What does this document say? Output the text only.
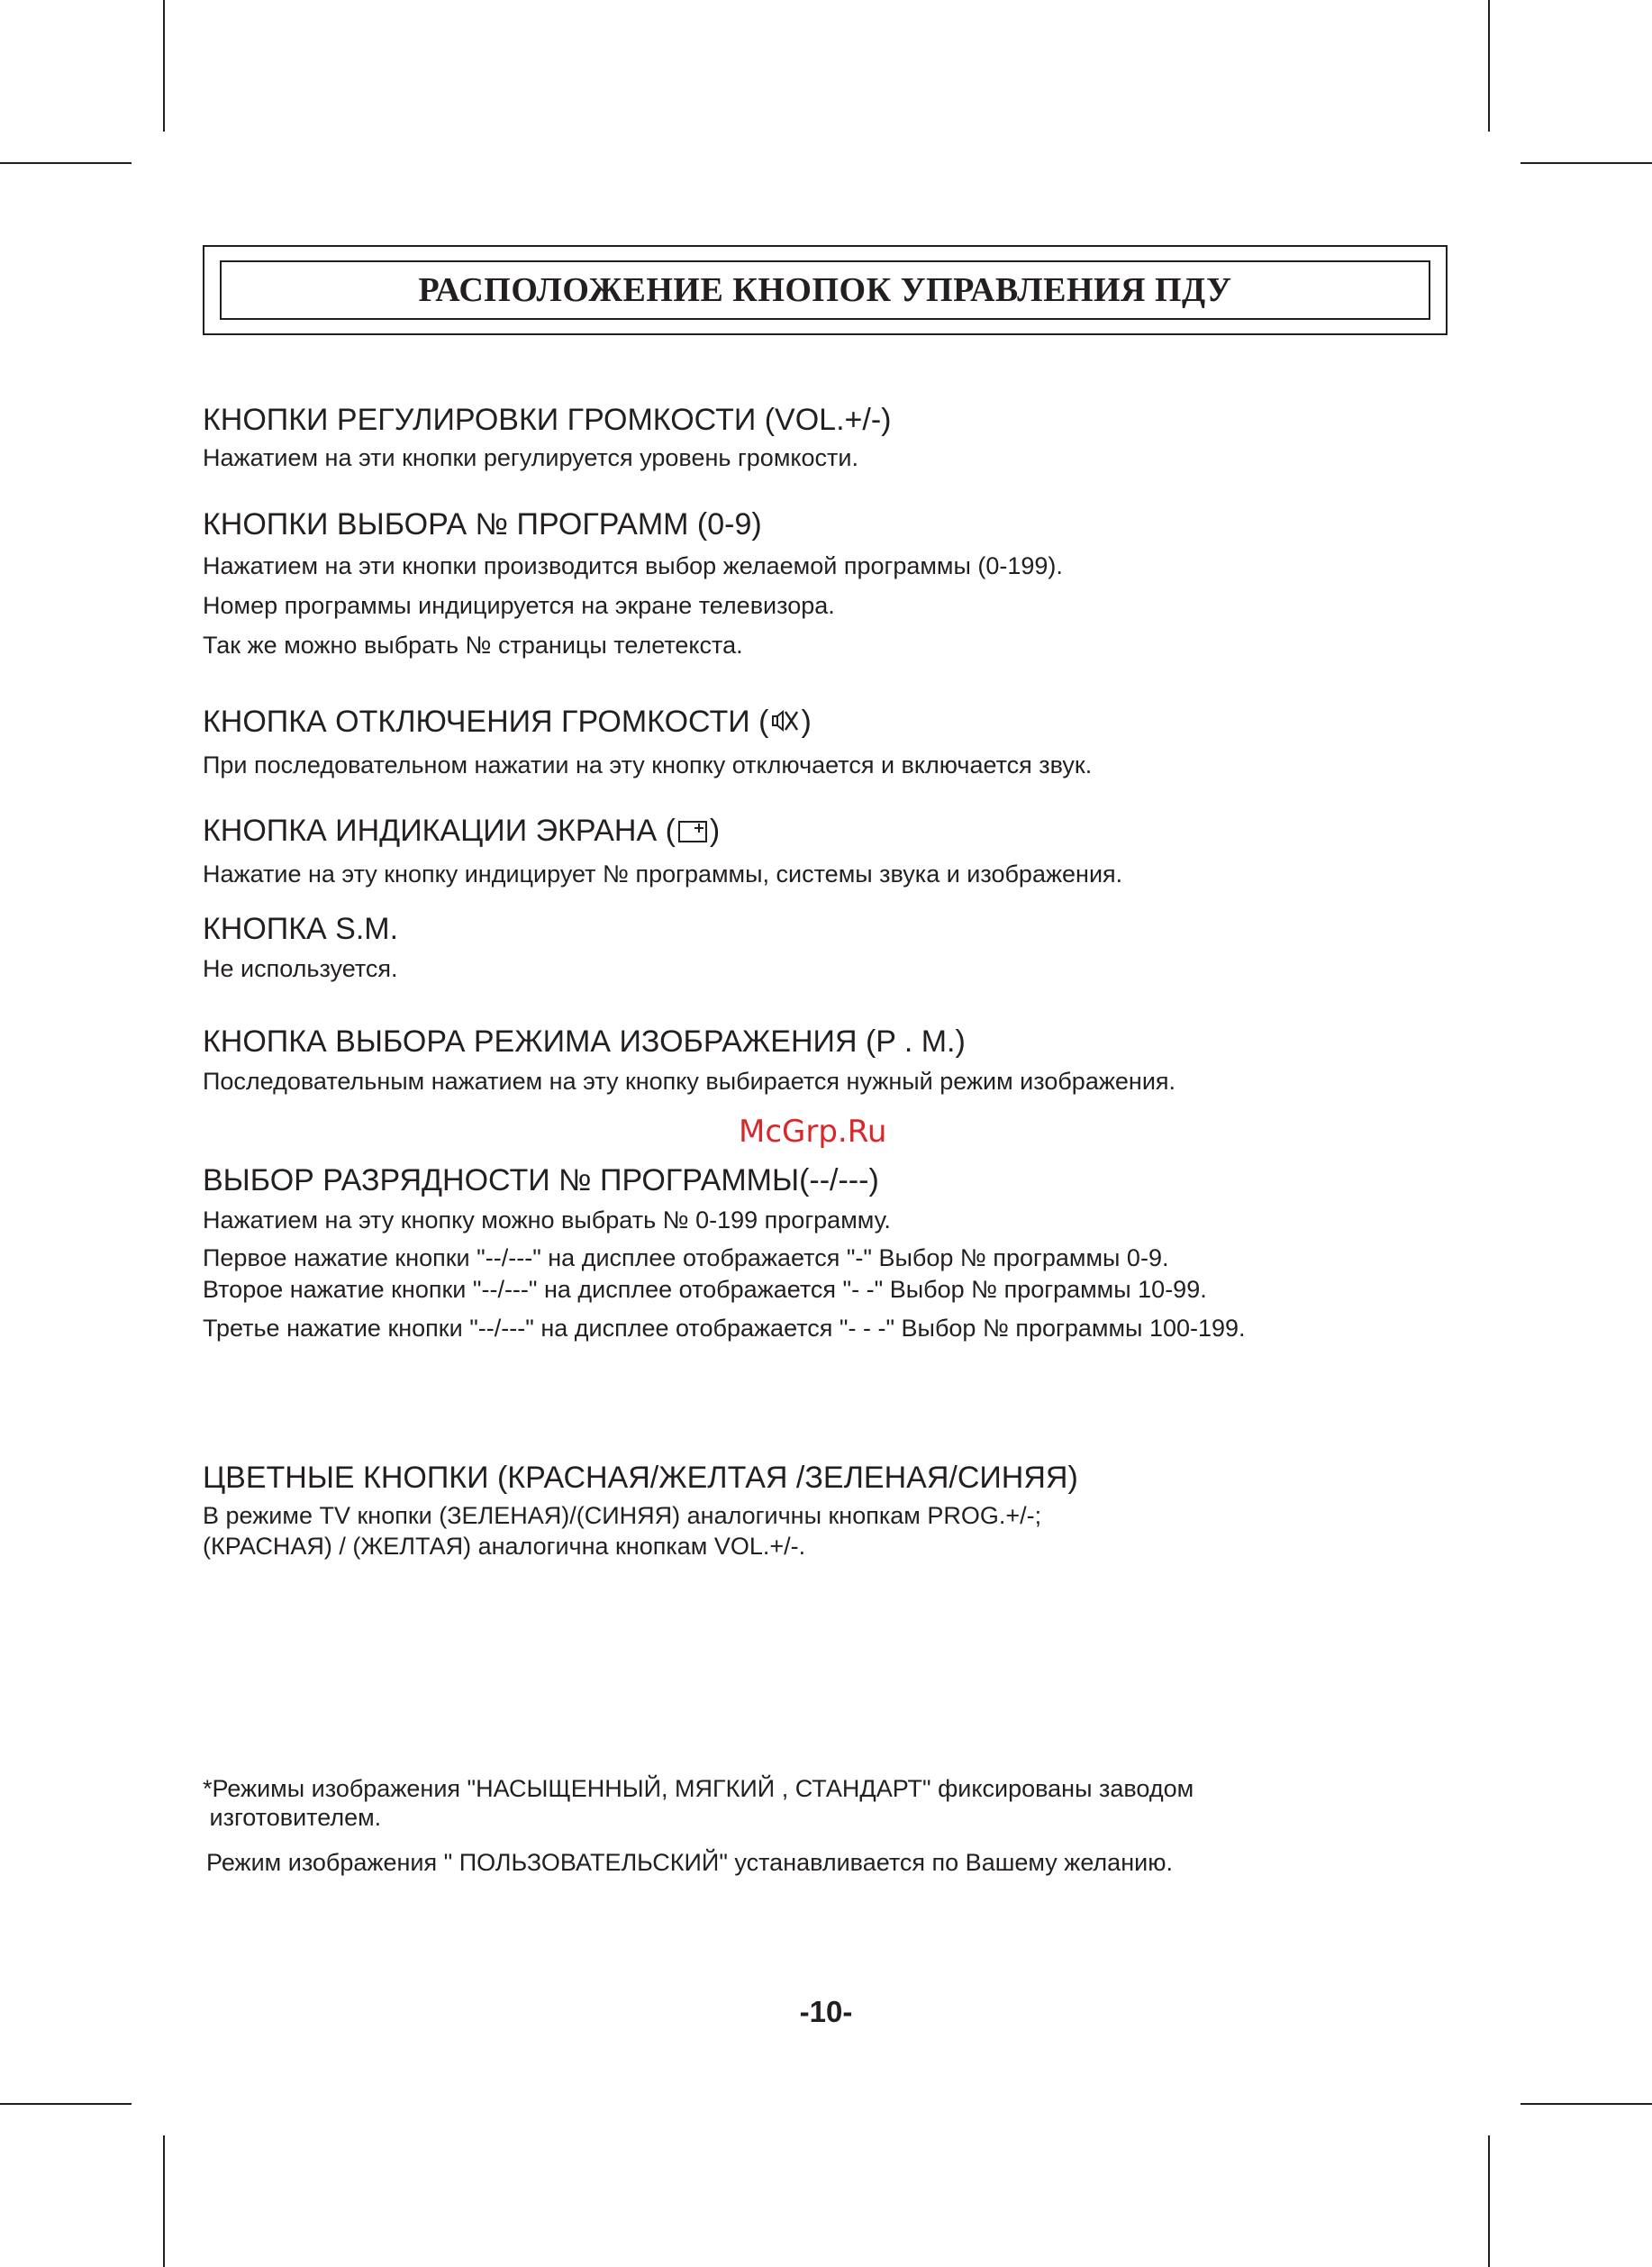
РАСПОЛОЖЕНИЕ КНОПОК УПРАВЛЕНИЯ ПДУ
КНОПКИ РЕГУЛИРОВКИ ГРОМКОСТИ (VOL.+/-)
Нажатием на эти кнопки регулируется уровень громкости.
КНОПКИ ВЫБОРА № ПРОГРАММ (0-9)
Нажатием на эти кнопки производится выбор желаемой программы (0-199).
Номер программы индицируется на экране телевизора.
Так же можно выбрать № страницы телетекста.
КНОПКА ОТКЛЮЧЕНИЯ ГРОМКОСТИ ( )
При последовательном нажатии на эту кнопку отключается и включается звук.
КНОПКА ИНДИКАЦИИ ЭКРАНА ( )
Нажатие на эту кнопку индицирует № программы, системы звука и изображения.
КНОПКА S.M.
Не используется.
КНОПКА ВЫБОРА РЕЖИМА ИЗОБРАЖЕНИЯ (P . M.)
Последовательным нажатием на эту кнопку выбирается нужный режим изображения.
McGrp.Ru
ВЫБОР РАЗРЯДНОСТИ № ПРОГРАММЫ(--/---)
Нажатием на эту кнопку можно выбрать № 0-199 программу.
Первое нажатие кнопки "--/---" на дисплее отображается "-" Выбор № программы 0-9.
Второе нажатие кнопки "--/---" на дисплее отображается "- -" Выбор № программы 10-99.
Третье нажатие кнопки "--/---" на дисплее отображается "- - -" Выбор № программы 100-199.
ЦВЕТНЫЕ КНОПКИ (КРАСНАЯ/ЖЕЛТАЯ /ЗЕЛЕНАЯ/СИНЯЯ)
В режиме TV кнопки (ЗЕЛЕНАЯ)/(СИНЯЯ) аналогичны кнопкам PROG.+/-;
(КРАСНАЯ) / (ЖЕЛТАЯ) аналогична кнопкам VOL.+/-.
*Режимы изображения "НАСЫЩЕННЫЙ, МЯГКИЙ , СТАНДАРТ" фиксированы заводом
изготовителем.
Режим изображения " ПОЛЬЗОВАТЕЛЬСКИЙ" устанавливается по Вашему желанию.
-10-
